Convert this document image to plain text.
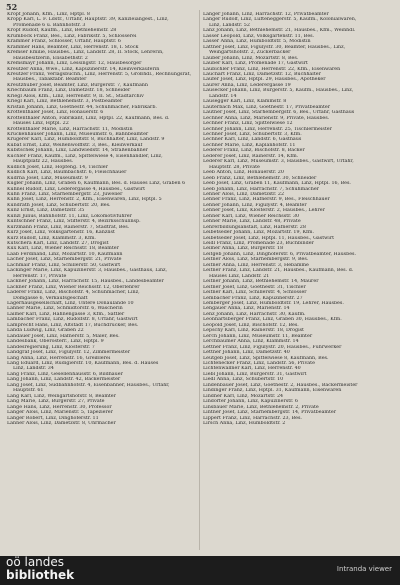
52
Kropf Johann, Kfm., Linz, Hptpl. 8
Kropp Karl, L. F. Ldstr., Urfahr, Hauptstr. 39, Kanzleiangest., Linz,
Promenade 6 u. Bahnhofstr. 3
Kropf Rudolf, Kaufm., Linz, Bethlehemstr. 28
Krumböck Franz, Bes., Linz, Fabrikstr. 5, Schlosserei
Krammer Franz, Schlosser, Urfahr, Hauptstr. 6
Krammer Hans, Beamter, Linz, Herrenstr. 18, I. Stock
Kremser Emilie, Hausbes., Linz, Landstr. 28, II. Stock, Lehrerin,
Hausbesitzerin, Elisabethstr. 2
Kremsmayr Johann, Linz, Lessingstr. 12, Hausbesorger
Kreutzer Anna, Wwe., Linz, Kapuzinerstr. 14, Kleinverkäuferin
Kreutzer Franz, Verlagsbuchh., Linz, Herrenstr. 5, Großhdl., Rechnungsrat,
Hausbes., Tabakfabr. Beamter
Kreutzhuber Josef, Beamter, Linz, Bürgerstr. 7, Kaufmann
Kriechbaum Franz, Linz, Dametzstr. 18, Schneider
Kriegl Alois, Kfm., Linz, Herrenstr. 9, II. St., Stadtarchiv
Kriegl Karl, Linz, Bethlehemstr. 3, Postbeamter
Kristan Johann, Linz, Goethestr. 44, Schuhmacher, Fabrikarb.
Krottenthaler Josef, Linz, Honauerstr. 6
Krottenthaler Anton, Fabrikant, Linz, Hptpl. 22, Kaufmann, Bes. d.
Hauses Linz, Hptpl. 22
Krottenthaler Marie, Linz, Harrachstr. 11, Modistin
Kruckenhauser Johann, Linz, Museumstr. 6, Bahnbeamter
Krügerer Karl, Linz, Humboldtstr. 8, Buchhalter, Linz, Landstr. 9
Kubat Ernst, Linz, Weißenwolffstr. 3, Bes., Kleinverkauf
Kubitschek Johann, Linz, Landwiedstr. 14, Straßenbahner
Kuchler Franz, Kaufm., Linz, Spittelwiese 4, Eisenhändler, Linz,
Hauptplatz 22, Hausbes.
Kudlich Josef, Linz, Hopfeng. 14, Tischler
Kudlich Karl, Linz, Baumbachstr. 6, Fleischhauer
Kudrna Josef, Linz, Museumstr. 9
Kugler Johann, Linz, Graben 6, Kaufmann, Bes. d. Hauses Linz, Graben 6
Kühnel Rudolf, Linz, Lederergasse 4, Hausbes., Gastwirt
Kuhn Franz, Linz, Starhembergstr. 23, Juwelier
Kuhn Josef, Linz, Herrenstr. 2, Kfm., Eisenwaren, Linz, Hptpl. 5
Kundrath Josef, Linz, Schubertstr. 20, Bes.
Kunz Ernst, Linz, Dametzstr. 35
Kunzl Julius, Bahnhofstr. 11, Linz, Lokomotivführer
Kuntschner Franz, Linz, Stifterstr. 4, Bezirksschulinsp.
Kurzmann Franz, Linz, Rainerstr. 7, Stadtrat, Bes.
Kurz Josef, Linz, Volksgartenstr. 16, Kanzlist
Kurz Rudolf, Linz, Klammstr. 3, Kfm.
Kutschera Karl, Linz, Landstr. 27, Drogist
Kux Karl, Linz, Wiener Reichsstr. 18, Beamter
Laab Ferdinand, Linz, Mozartstr. 10, Kaufmann
Lacher Josef, Linz, Starhembergstr. 21, Private
Lachmair Franz, Linz, Schillerstr. 50, Gastwirt
Lackinger Marie, Linz, Kapuzinerstr. 3, Hausbes., Gasthaus, Linz,
Herrenstr. 17, Private
Lackner Johann, Linz, Harrachstr. 15, Hausbes., Landesbeamter
Lackner Franz, Linz, Wiener Reichsstr. 12, Oberlehrer
Laderer Franz, Linz, Bischofstr. 4, Schuhmacher, Linz,
Domgasse 6, Verkaufsgeschäft
Lagerhausgesellschaft, Linz, Untere Donaulände 10
Lahner Marie, Linz, Schmidtorstr. 6, Wäscherin
Laimer Karl, Linz, Hahnengasse 3, Kfm., Sattler
Lambacher Franz, Linz, Rudolfstr. 8, Urfahr, Gastwirt
Lamprecht Hans, Linz, Altstadt 17, Buchdrucker, Bes.
Landa Ludwig, Linz, Graben 22
Landauer Josef, Linz, Hafnerstr. 5, Maler, Bes.
Landesbank, Oberösterr., Linz, Hptpl. 9
Landesregierung, Linz, Klosterstr. 7
Landgraf Josef, Linz, Figulystr. 12, Zimmermeister
Lang Anna, Linz, Herrenstr. 16, Greißlerei
Lang Eduard, Linz, Rudigierstr. 10, Kaufmann, Bes. d. Hauses
Linz, Landstr. 34
Lang Franz, Linz, Gesellenhausstr. 6, Bildhauer
Lang Johann, Linz, Landstr. 42, Bäckermeister
Lang Josef, Linz, Südbahnhofstr. 4, Eisenbahner, Hausbes., Urfahr,
Hauptstr. 61
Lang Karl, Linz, Weingartshofstr. 8, Beamter
Lang Marie, Linz, Bürgerstr. 27, Private
Lange Hans, Linz, Herrenstr. 30, Professor
Langer Alois, Linz, Marienstr. 5, Tapezierer
Langer Robert, Linz, Dinghoferstr. 11
Lanner Alois, Linz, Dametzstr. 8, Uhrmacher
Langer Johann, Linz, Harrachstr. 12, Privatbeamter
Langer Rudolf, Linz, Lüfteneggerstr. 5, Kaufm., Kolonialwaren,
Linz, Landstr. 52
Lanz Johann, Linz, Bethlehemstr. 21, Hausbes., Kfm., Weinhdl.
Lasser Leopold, Linz, Volksgartenstr. 11, Bes.
Lasser Anna, Linz, Humboldtstr. 5, Modistin
Lattner Josef, Linz, Figulystr. 30, Beamter, Hausbes., Linz,
Weingartshofstr. 2, Zuckerbäcker
Lauber Johann, Linz, Mozartstr. 8, Bes.
Lauber Karl, Linz, Promenade 17, Gastwirt
Laubichler Franz, Linz, Herrenstr. 22, Kfm., Eisenwaren
Lauchart Franz, Linz, Dametzstr. 12, Buchhalter
Laufer Josef, Linz, Hptpl. 29, Hausbes., Apotheker
Laurer Anna, Linz, Lederergasse 19
Lausecker Johann, Linz, Bürgerstr. 5, Kaufm., Hausbes., Linz,
Landstr. 14
Lausegger Karl, Linz, Klammstr. 8
Lauterbach Max, Linz, Goethestr. 17, Privatbeamter
Lautner Josef, Linz, Starhembergstr. 6, Bes., Urfahr, Gasthaus
Lechner Anna, Linz, Marienstr. 9, Private, Hausbes.
Lechner Franz, Linz, Spittelwiese 12
Lechner Johann, Linz, Herrenstr. 25, Tischlermeister
Lechner Josef, Linz, Schubertstr. 3, Kfm.
Lechner Karl, Linz, Landstr. 6, Gasthaus
Lechner Marie, Linz, Kaplanhofstr. 11
Lederer Franz, Linz, Bischofstr. 8, Bäcker
Lederer Josef, Linz, Rainerstr. 14, Kfm.
Lederer Karl, Linz, Museumstr. 3, Hausbes., Gastwirt, Urfahr,
Hauptstr. 28, Private
Leeb Anton, Linz, Honauerstr. 20
Leeb Franz, Linz, Bethlehemstr. 30, Schneider
Leeb Josef, Linz, Graben 11, Kaufmann, Linz, Hptpl. 16, Bes.
Leeb Johann, Linz, Harrachstr. 7, Schuhmacher
Lehner Alois, Linz, Dametzstr. 22
Lehner Franz, Linz, Hafnerstr. 9, Bes., Fleischhauer
Lehner Johann, Linz, Figulystr. 4, Beamter
Lehner Josef, Linz, Klosterstr. 2, Hausbes., Lehrer
Lehner Karl, Linz, Wiener Reichsstr. 30
Lehner Marie, Linz, Landstr. 48, Private
Lehrerbildungsanstalt, Linz, Hafnerstr. 28
Leibetseder Johann, Linz, Mozartstr. 19, Kfm.
Leibetseder Josef, Linz, Hptpl. 11, Hausbes., Gastwirt
Leidl Franz, Linz, Promenade 23, Buchbinder
Leimer Anna, Linz, Bürgerstr. 18
Leitgeb Johann, Linz, Dinghoferstr. 6, Privatbeamter, Hausbes.
Leitner Alois, Linz, Starhembergstr. 9, Bes.
Leitner Anna, Linz, Herrenstr. 3, Hebamme
Leitner Franz, Linz, Landstr. 21, Hausbes., Kaufmann, Bes. d.
Hauses Linz, Landstr. 21
Leitner Johann, Linz, Bethlehemstr. 14, Maurer
Leitner Josef, Linz, Goethestr. 31, Tischler
Leitner Karl, Linz, Schillerstr. 4, Schlosser
Lembacher Franz, Linz, Kapuzinerstr. 27
Lemberger Josef, Linz, Humboldtstr. 19, Lehrer, Hausbes.
Lengauer Anna, Linz, Marienstr. 14
Lenz Johann, Linz, Harrachstr. 30, Kaufm.
Leonhartsberger Franz, Linz, Graben 30, Hausbes., Kfm.
Leopold Josef, Linz, Bischofstr. 12, Bes.
Lepschy Karl, Linz, Rainerstr. 18, Drogist
Lerch Johann, Linz, Museumstr. 11, Beamter
Lerchbaumer Anna, Linz, Klammstr. 14
Lettner Franz, Linz, Figulystr. 20, Hausbes., Fuhrwerker
Lettner Johann, Linz, Dametzstr. 40
Leutgeb Josef, Linz, Spittelwiese 8, Kaufmann, Bes.
Lichtenecker Franz, Linz, Landstr. 56, Private
Lichtenwallner Karl, Linz, Herrenstr. 40
Liebl Johann, Linz, Bürgerstr. 31, Gastwirt
Liedl Anna, Linz, Schubertstr. 10
Lindenbauer Josef, Linz, Goethestr. 2, Hausbes., Bäckermeister
Lindinger Franz, Linz, Hptpl. 31, Kaufmann, Eisenwaren
Lindner Karl, Linz, Mozartstr. 24
Lindorfer Johann, Linz, Kapuzinerstr. 6
Linsbauer Marie, Linz, Bethlehemstr. 2, Private
Lintner Josef, Linz, Starhembergstr. 14, Privatbeamter
Lippert Franz, Linz, Harrachstr. 23, Bes.
Lirsch Anna, Linz, Humboldtstr. 2
oö landes
bibliothek	Intranda viewer
